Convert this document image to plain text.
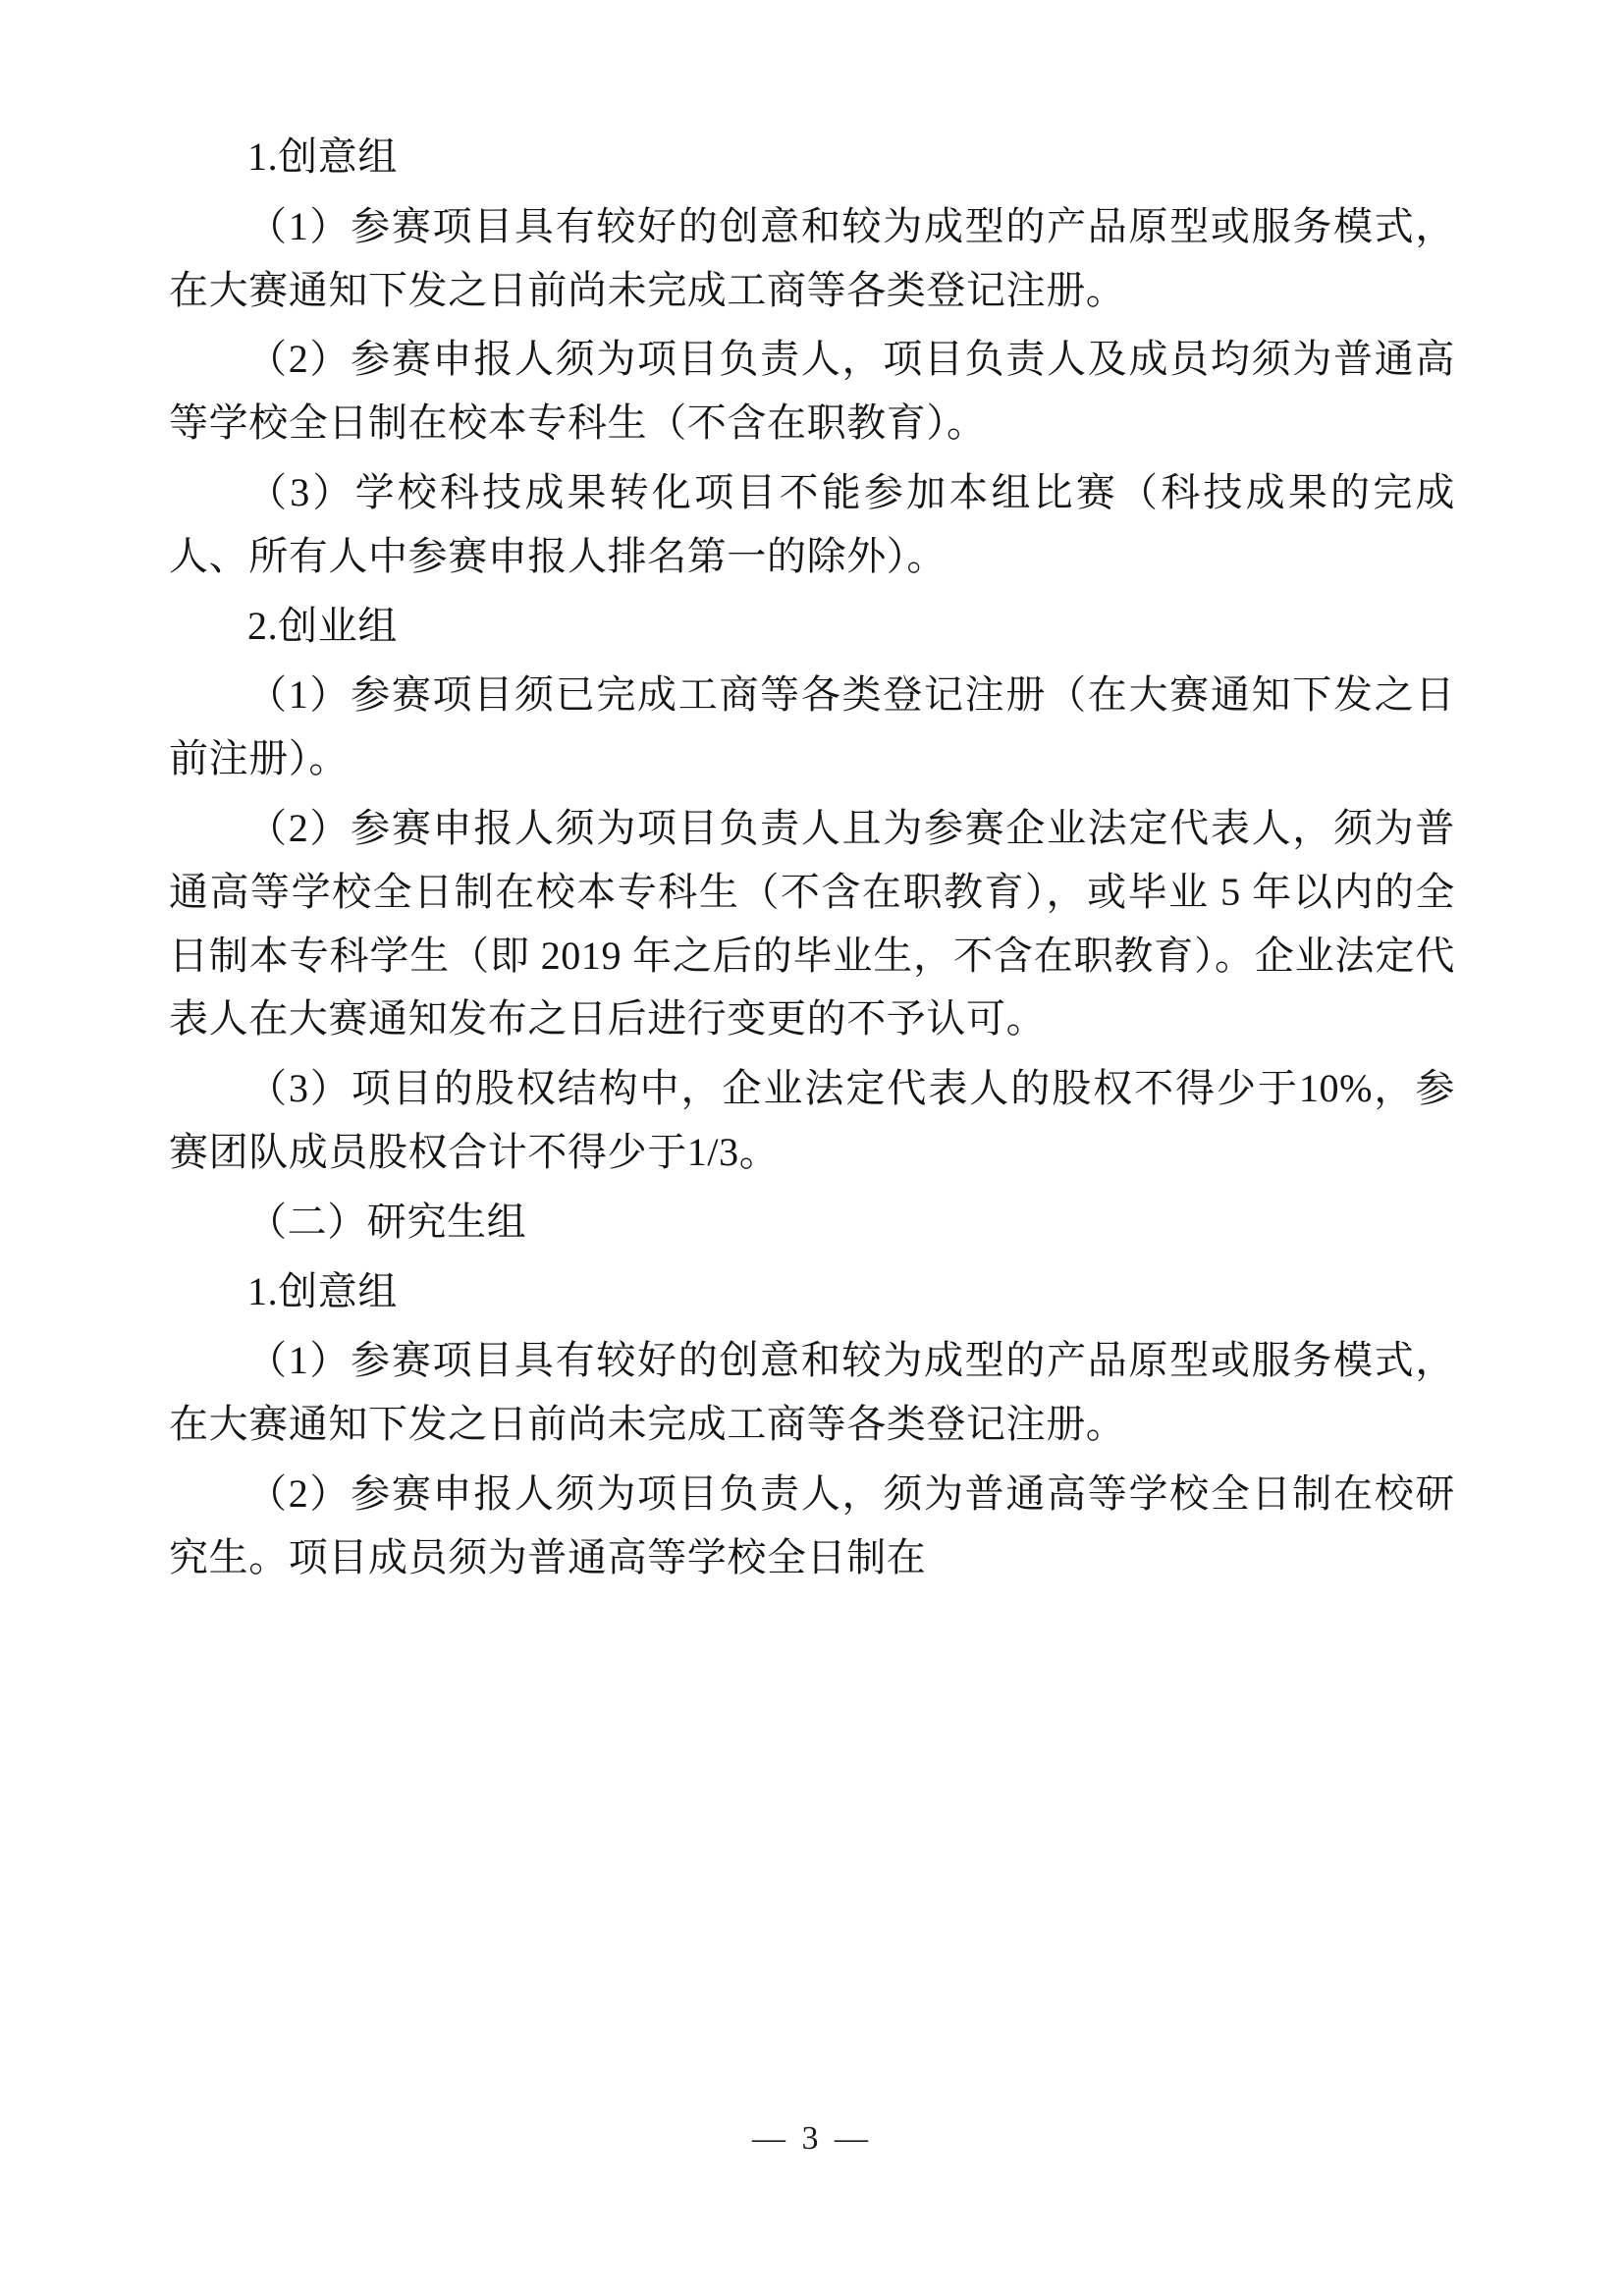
1.创意组

（1）参赛项目具有较好的创意和较为成型的产品原型或服务模式，在大赛通知下发之日前尚未完成工商等各类登记注册。

（2）参赛申报人须为项目负责人，项目负责人及成员均须为普通高等学校全日制在校本专科生（不含在职教育）。

（3）学校科技成果转化项目不能参加本组比赛（科技成果的完成人、所有人中参赛申报人排名第一的除外）。

2.创业组

（1）参赛项目须已完成工商等各类登记注册（在大赛通知下发之日前注册）。

（2）参赛申报人须为项目负责人且为参赛企业法定代表人，须为普通高等学校全日制在校本专科生（不含在职教育），或毕业 5 年以内的全日制本专科学生（即 2019 年之后的毕业生，不含在职教育）。企业法定代表人在大赛通知发布之日后进行变更的不予认可。

（3）项目的股权结构中，企业法定代表人的股权不得少于10%，参赛团队成员股权合计不得少于1/3。

（二）研究生组

1.创意组

（1）参赛项目具有较好的创意和较为成型的产品原型或服务模式，在大赛通知下发之日前尚未完成工商等各类登记注册。

（2）参赛申报人须为项目负责人，须为普通高等学校全日制在校研究生。项目成员须为普通高等学校全日制在

— 3 —
